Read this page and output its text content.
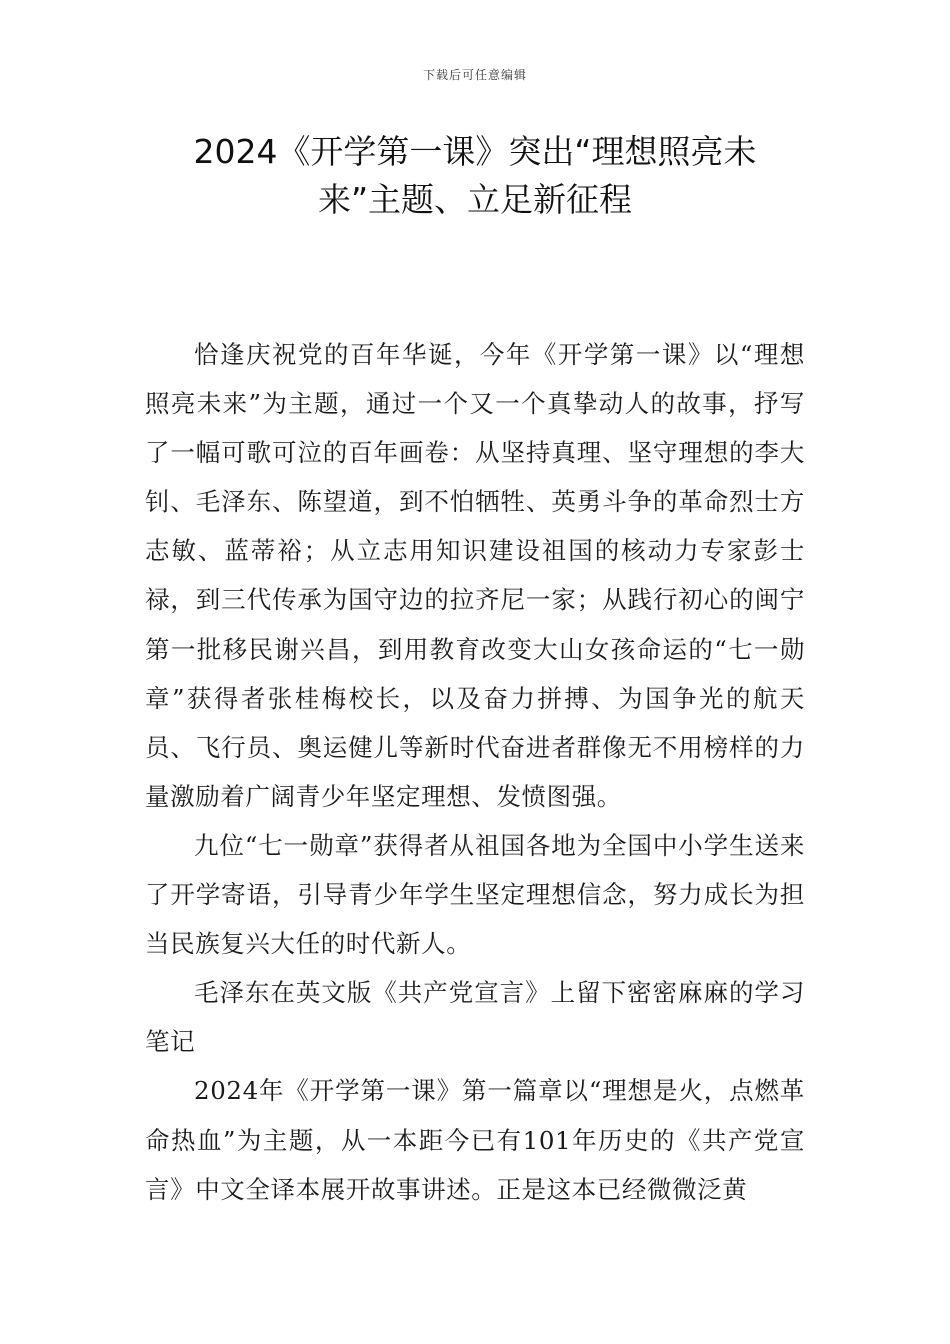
下载后可任意编辑
2024《开学第一课》突出“理想照亮未
来”主题、立足新征程

恰逢庆祝党的百年华诞，今年《开学第一课》以“理想照亮未来”为主题，通过一个又一个真挚动人的故事，抒写了一幅可歌可泣的百年画卷：从坚持真理、坚守理想的李大钊、毛泽东、陈望道，到不怕牺牲、英勇斗争的革命烈士方志敏、蓝蒂裕；从立志用知识建设祖国的核动力专家彭士禄，到三代传承为国守边的拉齐尼一家；从践行初心的闽宁第一批移民谢兴昌，到用教育改变大山女孩命运的“七一勋章”获得者张桂梅校长，以及奋力拼搏、为国争光的航天员、飞行员、奥运健儿等新时代奋进者群像无不用榜样的力量激励着广阔青少年坚定理想、发愤图强。

九位“七一勋章”获得者从祖国各地为全国中小学生送来了开学寄语，引导青少年学生坚定理想信念，努力成长为担当民族复兴大任的时代新人。

毛泽东在英文版《共产党宣言》上留下密密麻麻的学习笔记

2024年《开学第一课》第一篇章以“理想是火，点燃革命热血”为主题，从一本距今已有101年历史的《共产党宣言》中文全译本展开故事讲述。正是这本已经微微泛黄
